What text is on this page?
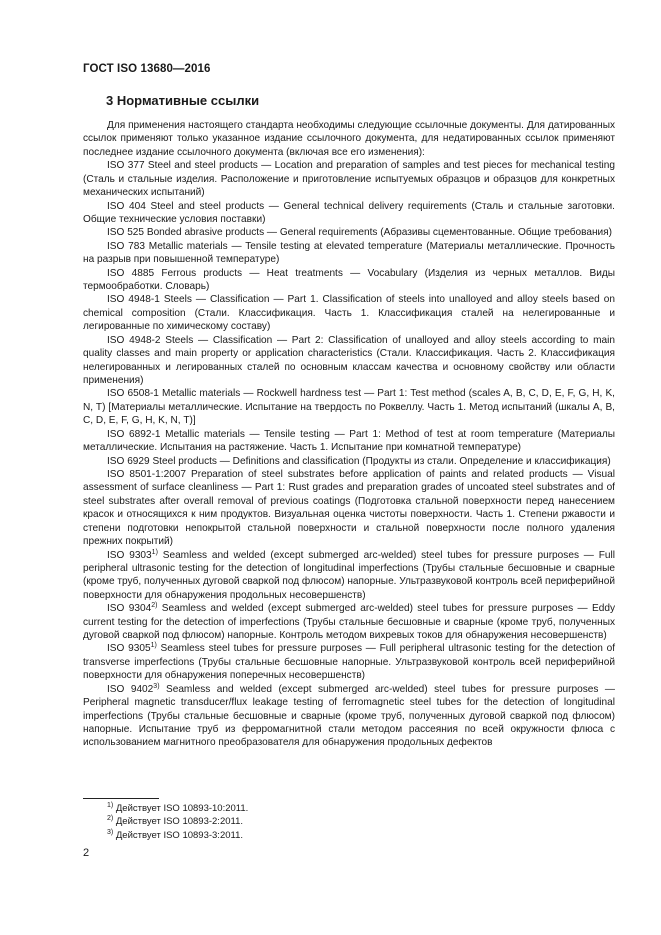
ГОСТ ISO 13680—2016
3 Нормативные ссылки

Для применения настоящего стандарта необходимы следующие ссылочные документы. Для датированных ссылок применяют только указанное издание ссылочного документа, для недатированных ссылок применяют последнее издание ссылочного документа (включая все его изменения):

ISO 377 Steel and steel products — Location and preparation of samples and test pieces for mechanical testing (Сталь и стальные изделия. Расположение и приготовление испытуемых образцов и образцов для конкретных механических испытаний)

ISO 404 Steel and steel products — General technical delivery requirements (Сталь и стальные заготовки. Общие технические условия поставки)

ISO 525 Bonded abrasive products — General requirements (Абразивы сцементованные. Общие требования)

ISO 783 Metallic materials — Tensile testing at elevated temperature (Материалы металлические. Прочность на разрыв при повышенной температуре)

ISO 4885 Ferrous products — Heat treatments — Vocabulary (Изделия из черных металлов. Виды термообработки. Словарь)

ISO 4948-1 Steels — Classification — Part 1. Classification of steels into unalloyed and alloy steels based on chemical composition (Стали. Классификация. Часть 1. Классификация сталей на нелегированные и легированные по химическому составу)

ISO 4948-2 Steels — Classification — Part 2: Classification of unalloyed and alloy steels according to main quality classes and main property or application characteristics (Стали. Классификация. Часть 2. Классификация нелегированных и легированных сталей по основным классам качества и основному свойству или области применения)

ISO 6508-1 Metallic materials — Rockwell hardness test — Part 1: Test method (scales A, B, C, D, E, F, G, H, K, N, T) [Материалы металлические. Испытание на твердость по Роквеллу. Часть 1. Метод испытаний (шкалы А, В, С, D, Е, F, G, Н, K, N, Т)]

ISO 6892-1 Metallic materials — Tensile testing — Part 1: Method of test at room temperature (Материалы металлические. Испытания на растяжение. Часть 1. Испытание при комнатной температуре)

ISO 6929 Steel products — Definitions and classification (Продукты из стали. Определение и классификация)

ISO 8501-1:2007 Preparation of steel substrates before application of paints and related products — Visual assessment of surface cleanliness — Part 1: Rust grades and preparation grades of uncoated steel substrates and of steel substrates after overall removal of previous coatings (Подготовка стальной поверхности перед нанесением красок и относящихся к ним продуктов. Визуальная оценка чистоты поверхности. Часть 1. Степени ржавости и степени подготовки непокрытой стальной поверхности и стальной поверхности после полного удаления прежних покрытий)

ISO 9303$^{1)}$ Seamless and welded (except submerged arc-welded) steel tubes for pressure purposes — Full peripheral ultrasonic testing for the detection of longitudinal imperfections (Трубы стальные бесшовные и сварные (кроме труб, полученных дуговой сваркой под флюсом) напорные. Ультразвуковой контроль всей периферийной поверхности для обнаружения продольных несовершенств)

ISO 9304$^{2)}$ Seamless and welded (except submerged arc-welded) steel tubes for pressure purposes — Eddy current testing for the detection of imperfections (Трубы стальные бесшовные и сварные (кроме труб, полученных дуговой сваркой под флюсом) напорные. Контроль методом вихревых токов для обнаружения несовершенств)

ISO 9305$^{1)}$ Seamless steel tubes for pressure purposes — Full peripheral ultrasonic testing for the detection of transverse imperfections (Трубы стальные бесшовные напорные. Ультразвуковой контроль всей периферийной поверхности для обнаружения поперечных несовершенств)

ISO 9402$^{3)}$ Seamless and welded (except submerged arc-welded) steel tubes for pressure purposes — Peripheral magnetic transducer/flux leakage testing of ferromagnetic steel tubes for the detection of longitudinal imperfections (Трубы стальные бесшовные и сварные (кроме труб, полученных дуговой сваркой под флюсом) напорные. Испытание труб из ферромагнитной стали методом рассеяния по всей окружности флюса с использованием магнитного преобразователя для обнаружения продольных дефектов

$^{1)}$ Действует ISO 10893-10:2011.

$^{2)}$ Действует ISO 10893-2:2011.

$^{3)}$ Действует ISO 10893-3:2011.

2
